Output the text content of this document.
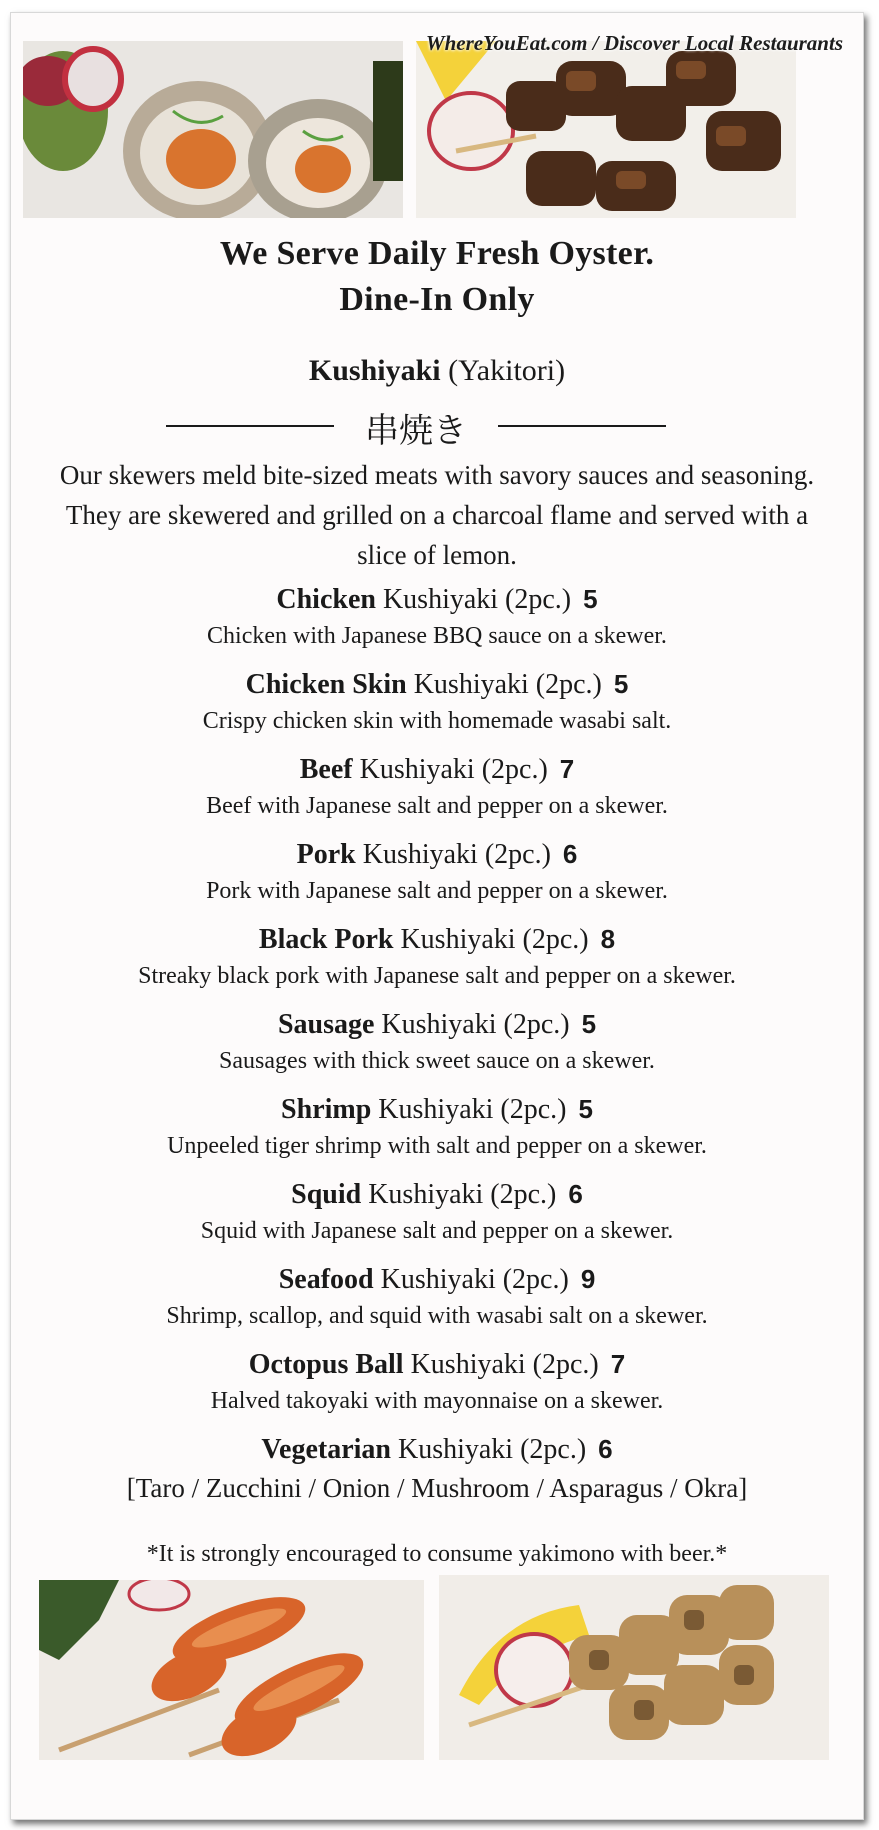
WhereYouEat.com / Discover Local Restaurants
We Serve Daily Fresh Oyster.
Dine-In Only
Kushiyaki (Yakitori)
串焼き
Our skewers meld bite-sized meats with savory sauces and seasoning. They are skewered and grilled on a charcoal flame and served with a slice of lemon.
Chicken Kushiyaki (2pc.) 5
Chicken with Japanese BBQ sauce on a skewer.
Chicken Skin Kushiyaki (2pc.) 5
Crispy chicken skin with homemade wasabi salt.
Beef Kushiyaki (2pc.) 7
Beef with Japanese salt and pepper on a skewer.
Pork Kushiyaki (2pc.) 6
Pork with Japanese salt and pepper on a skewer.
Black Pork Kushiyaki (2pc.) 8
Streaky black pork with Japanese salt and pepper on a skewer.
Sausage Kushiyaki (2pc.) 5
Sausages with thick sweet sauce on a skewer.
Shrimp Kushiyaki (2pc.) 5
Unpeeled tiger shrimp with salt and pepper on a skewer.
Squid Kushiyaki (2pc.) 6
Squid with Japanese salt and pepper on a skewer.
Seafood Kushiyaki (2pc.) 9
Shrimp, scallop, and squid with wasabi salt on a skewer.
Octopus Ball Kushiyaki (2pc.) 7
Halved takoyaki with mayonnaise on a skewer.
Vegetarian Kushiyaki (2pc.) 6
[Taro / Zucchini / Onion / Mushroom / Asparagus / Okra]
*It is strongly encouraged to consume yakimono with beer.*
